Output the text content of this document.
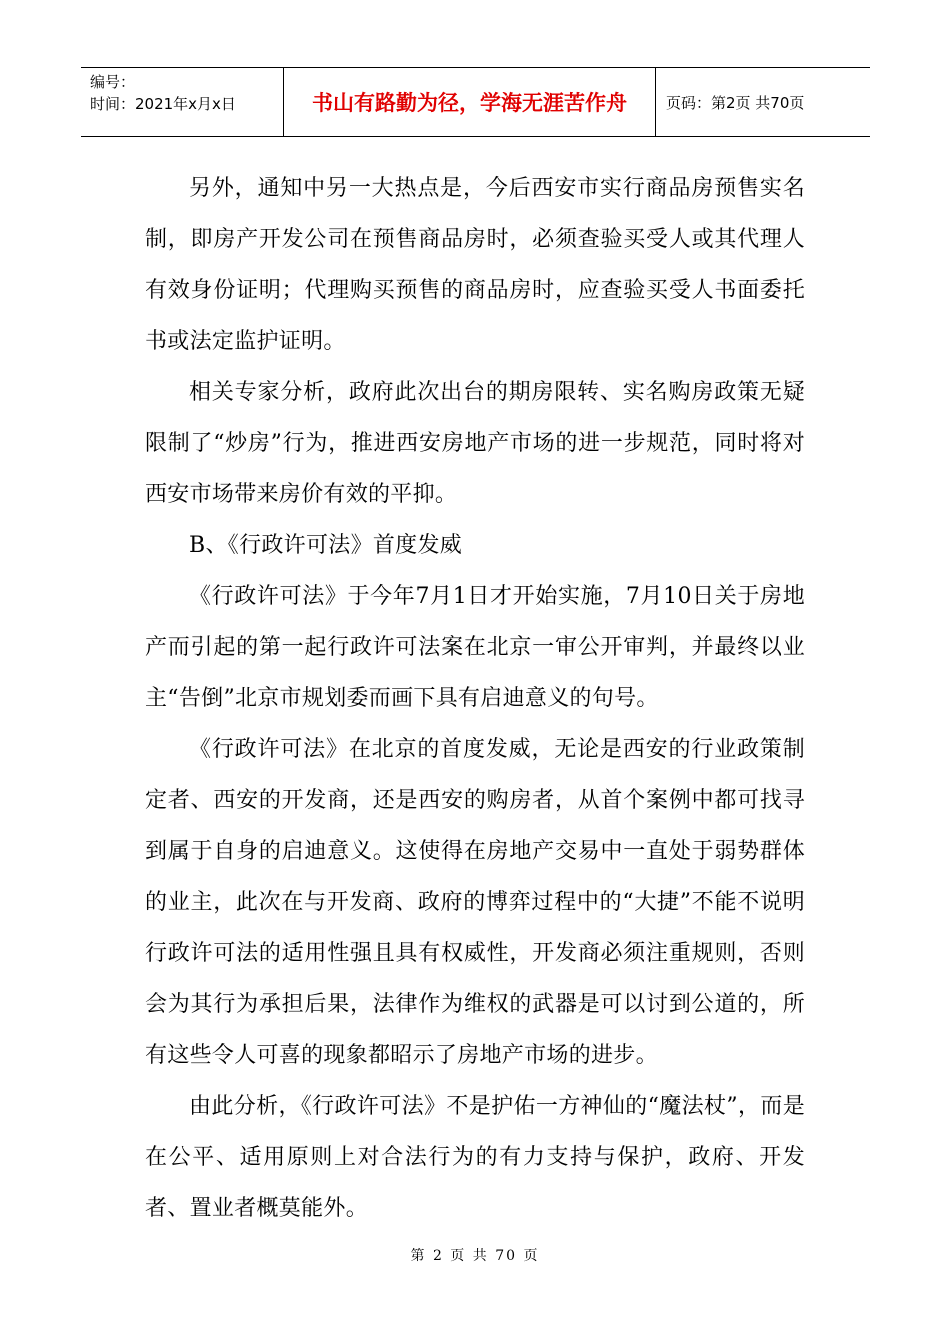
编号：
时间：2021年x月x日	书山有路勤为径，学海无涯苦作舟	页码：第2页 共70页

另外，通知中另一大热点是，今后西安市实行商品房预售实名制，即房产开发公司在预售商品房时，必须查验买受人或其代理人有效身份证明；代理购买预售的商品房时，应查验买受人书面委托书或法定监护证明。

相关专家分析，政府此次出台的期房限转、实名购房政策无疑限制了“炒房”行为，推进西安房地产市场的进一步规范，同时将对西安市场带来房价有效的平抑。

B、《行政许可法》首度发威

《行政许可法》于今年7月1日才开始实施，7月10日关于房地产而引起的第一起行政许可法案在北京一审公开审判，并最终以业主“告倒”北京市规划委而画下具有启迪意义的句号。

《行政许可法》在北京的首度发威，无论是西安的行业政策制定者、西安的开发商，还是西安的购房者，从首个案例中都可找寻到属于自身的启迪意义。这使得在房地产交易中一直处于弱势群体的业主，此次在与开发商、政府的博弈过程中的“大捷”不能不说明行政许可法的适用性强且具有权威性，开发商必须注重规则，否则会为其行为承担后果，法律作为维权的武器是可以讨到公道的，所有这些令人可喜的现象都昭示了房地产市场的进步。

由此分析，《行政许可法》不是护佑一方神仙的“魔法杖”，而是在公平、适用原则上对合法行为的有力支持与保护，政府、开发者、置业者概莫能外。

第 2 页 共 70 页
